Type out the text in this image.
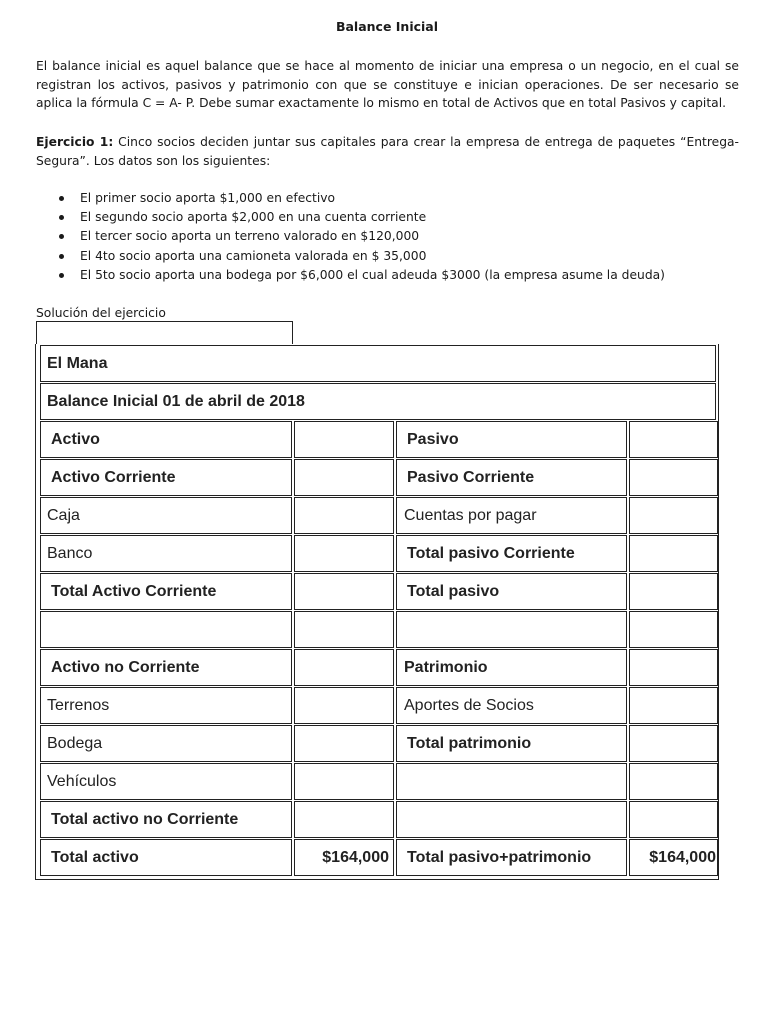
Balance Inicial
El balance inicial es aquel balance que se hace al momento de iniciar una empresa o un negocio, en el cual se registran los activos, pasivos y patrimonio con que se constituye e inician operaciones. De ser necesario se aplica la fórmula C = A- P. Debe sumar exactamente lo mismo en total de Activos que en total Pasivos y capital.
Ejercicio 1: Cinco socios deciden juntar sus capitales para crear la empresa de entrega de paquetes “Entrega-Segura”. Los datos son los siguientes:
El primer socio aporta $1,000 en efectivo
El segundo socio aporta $2,000 en una cuenta corriente
El tercer socio aporta un terreno valorado en $120,000
El 4to socio aporta una camioneta valorada en $ 35,000
El 5to socio aporta una bodega por $6,000 el cual adeuda $3000 (la empresa asume la deuda)
Solución del ejercicio
El Mana
Balance Inicial 01 de abril de 2018
Activo	Pasivo
Activo Corriente	Pasivo Corriente
Caja	Cuentas por pagar
Banco	Total pasivo Corriente
Total Activo Corriente	Total pasivo
Activo no Corriente	Patrimonio
Terrenos	Aportes de Socios
Bodega	Total patrimonio
Vehículos
Total activo no Corriente
Total activo	$164,000	Total pasivo+patrimonio	$164,000
